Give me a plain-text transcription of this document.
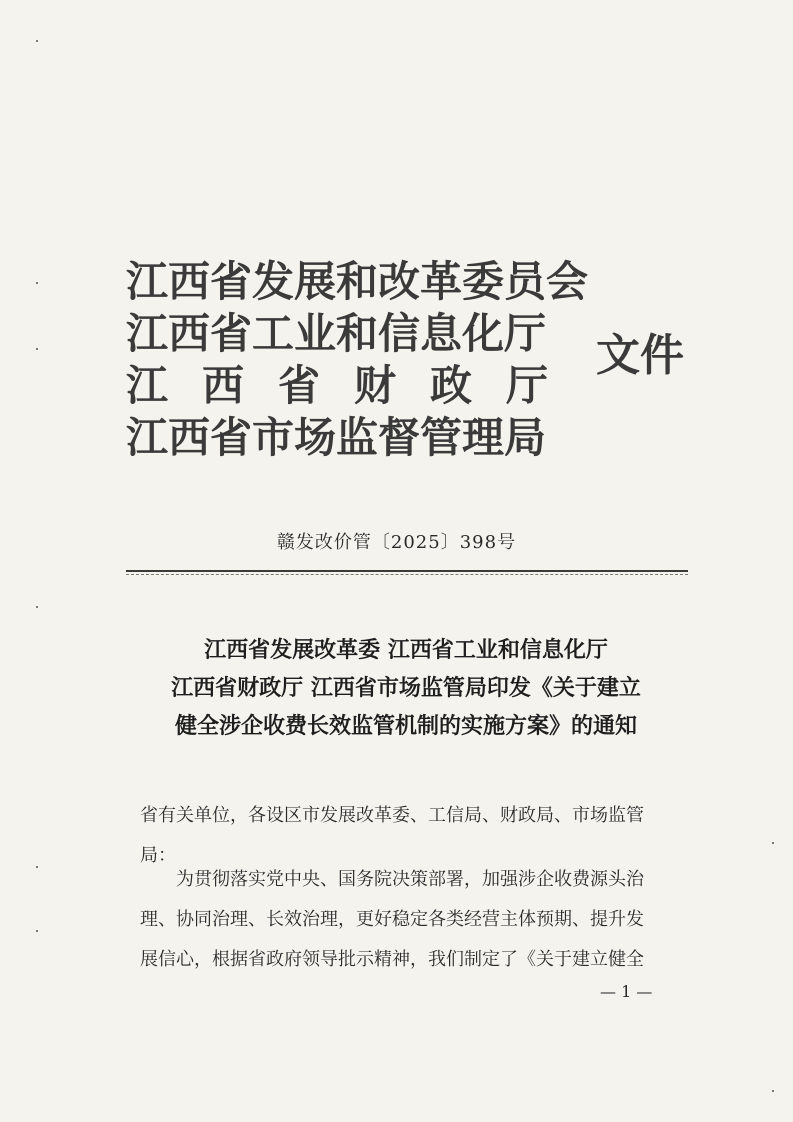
江西省发展和改革委员会
江西省工业和信息化厅
江西省财政厅
江西省市场监督管理局
文件
赣发改价管〔2025〕398号
江西省发展改革委 江西省工业和信息化厅
江西省财政厅 江西省市场监管局印发《关于建立
健全涉企收费长效监管机制的实施方案》的通知
省有关单位，各设区市发展改革委、工信局、财政局、市场监管
局：
为贯彻落实党中央、国务院决策部署，加强涉企收费源头治
理、协同治理、长效治理，更好稳定各类经营主体预期、提升发
展信心，根据省政府领导批示精神，我们制定了《关于建立健全
— 1 —
